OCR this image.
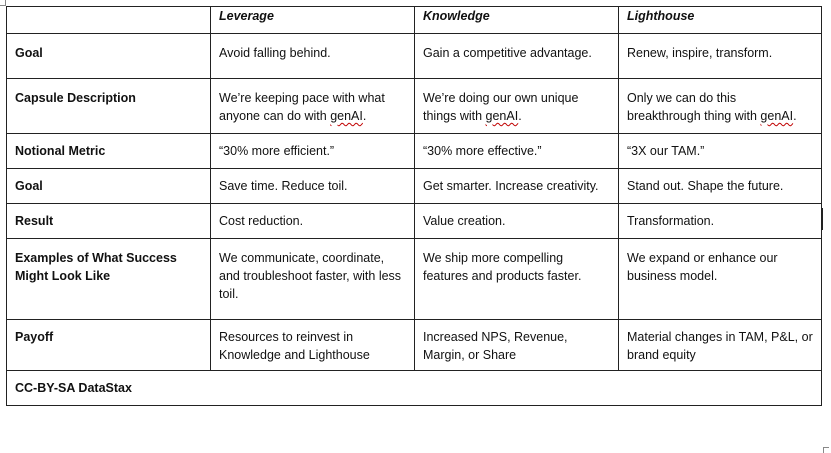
	Leverage	Knowledge	Lighthouse
Goal	Avoid falling behind.	Gain a competitive advantage.	Renew, inspire, transform.
Capsule Description	We’re keeping pace with what anyone can do with genAI.	We’re doing our own unique things with genAI.	Only we can do this breakthrough thing with genAI.
Notional Metric	“30% more efficient.”	“30% more effective.”	“3X our TAM.”
Goal	Save time. Reduce toil.	Get smarter. Increase creativity.	Stand out. Shape the future.
Result	Cost reduction.	Value creation.	Transformation.
Examples of What Success Might Look Like	We communicate, coordinate, and troubleshoot faster, with less toil.	We ship more compelling features and products faster.	We expand or enhance our business model.
Payoff	Resources to reinvest in Knowledge and Lighthouse	Increased NPS, Revenue, Margin, or Share	Material changes in TAM, P&L, or brand equity
CC-BY-SA DataStax			
